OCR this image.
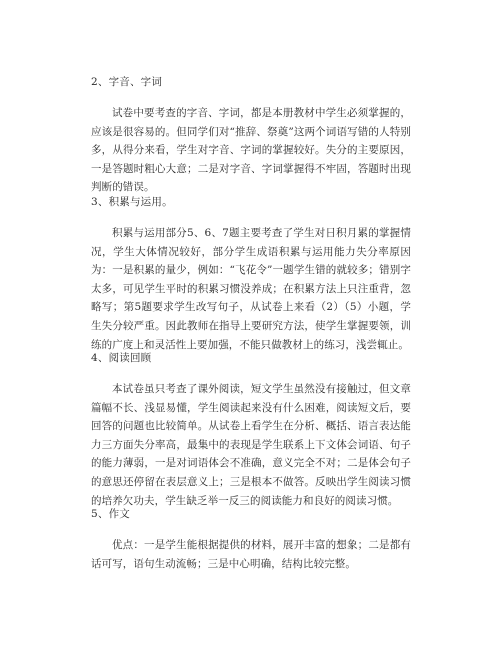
2、字音、字词

试卷中要考查的字音、字词，都是本册教材中学生必须掌握的，应该是很容易的。但同学们对“推辞、祭奠”这两个词语写错的人特别多，从得分来看，学生对字音、字词的掌握较好。失分的主要原因，一是答题时粗心大意；二是对字音、字词掌握得不牢固，答题时出现判断的错误。

3、积累与运用。

积累与运用部分5、6、7题主要考查了学生对日积月累的掌握情况，学生大体情况较好，部分学生成语积累与运用能力失分率原因为：一是积累的量少，例如：“飞花令”一题学生错的就较多；错别字太多，可见学生平时的积累习惯没养成；在积累方法上只注重背，忽略写；第5题要求学生改写句子，从试卷上来看（2）（5）小题，学生失分较严重。因此教师在指导上要研究方法，使学生掌握要领，训练的广度上和灵活性上要加强，不能只做教材上的练习，浅尝辄止。

4、阅读回顾

本试卷虽只考查了课外阅读，短文学生虽然没有接触过，但文章篇幅不长、浅显易懂，学生阅读起来没有什么困难，阅读短文后，要回答的问题也比较简单。从试卷上看学生在分析、概括、语言表达能力三方面失分率高，最集中的表现是学生联系上下文体会词语、句子的能力薄弱，一是对词语体会不准确，意义完全不对；二是体会句子的意思还停留在表层意义上；三是根本不做答。反映出学生阅读习惯的培养欠功夫，学生缺乏举一反三的阅读能力和良好的阅读习惯。

5、作文

优点：一是学生能根据提供的材料，展开丰富的想象；二是都有话可写，语句生动流畅；三是中心明确，结构比较完整。
